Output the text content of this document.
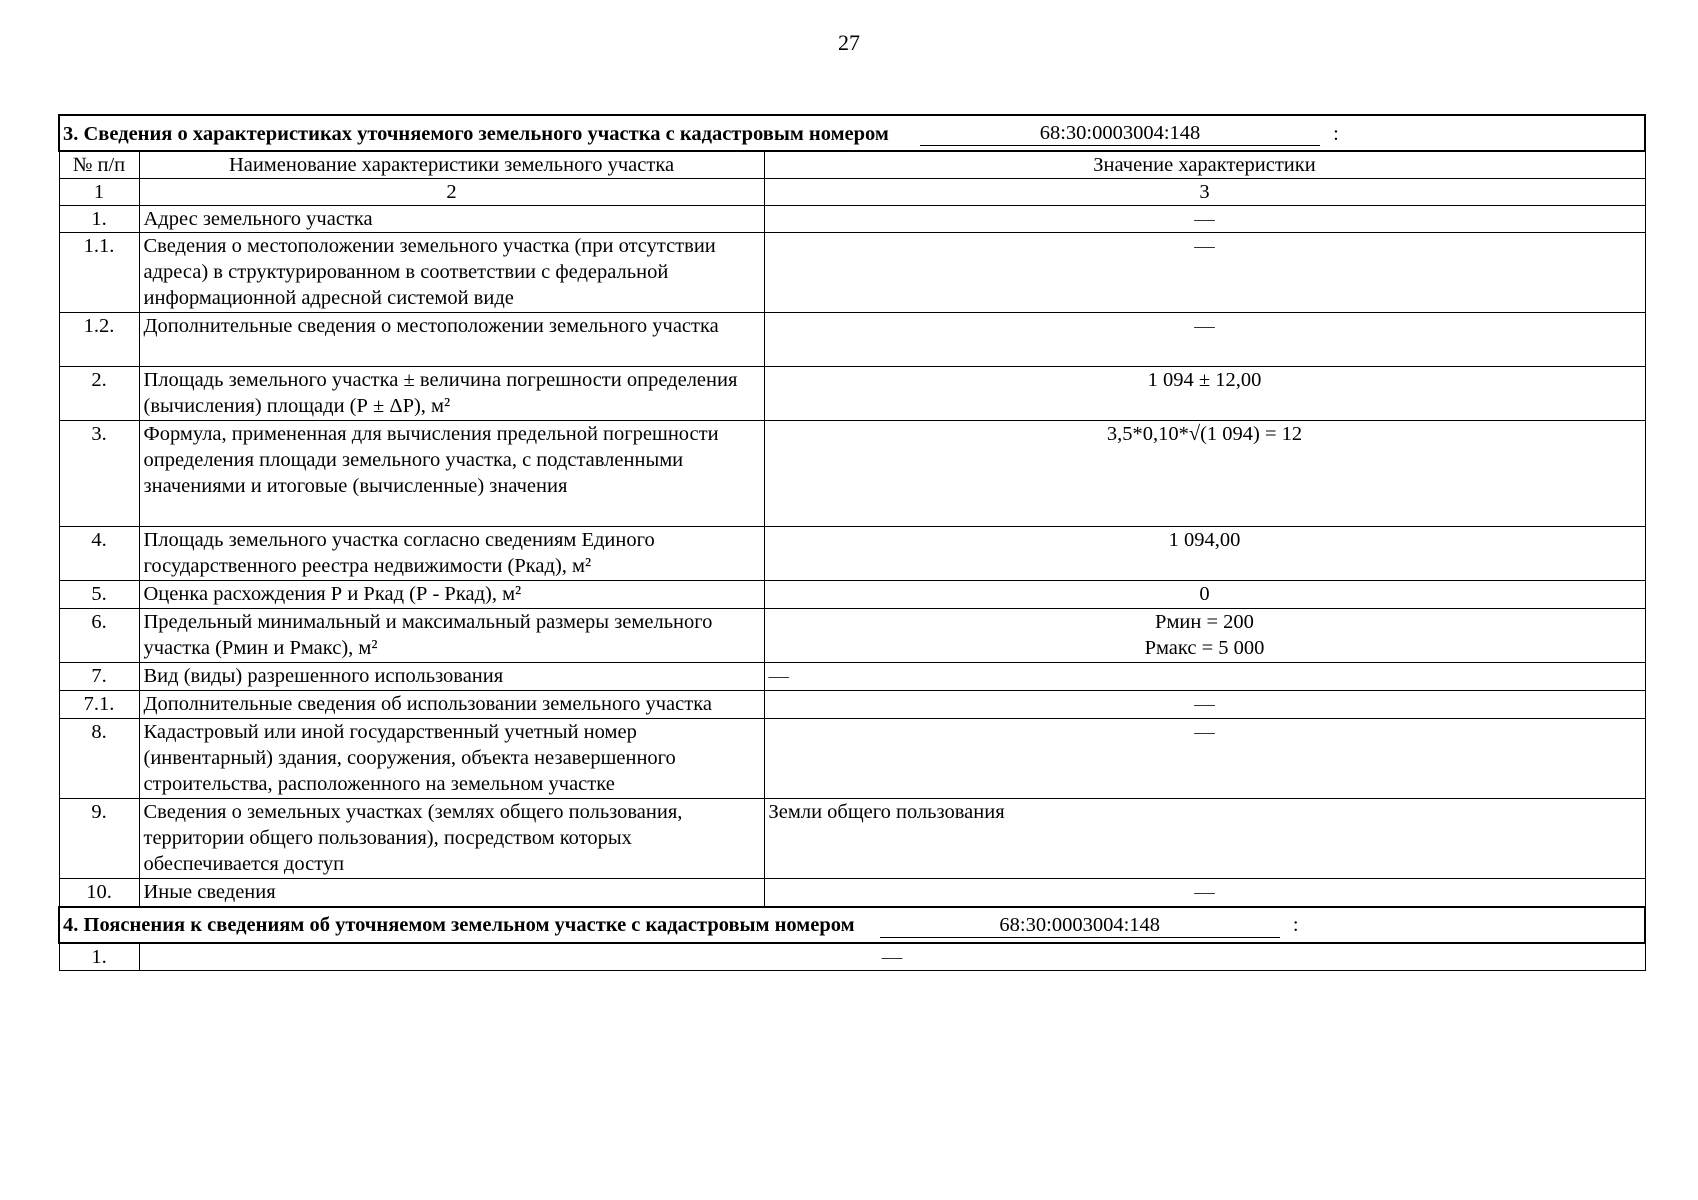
27
3. Сведения о характеристиках уточняемого земельного участка с кадастровым номером 68:30:0003004:148 :		
№ п/п	Наименование характеристики земельного участка	Значение характеристики
1	2	3
1.	Адрес земельного участка	—
1.1.	Сведения о местоположении земельного участка (при отсутствии адреса) в структурированном в соответствии с федеральной информационной адресной системой виде	—
1.2.	Дополнительные сведения о местоположении земельного участка	—
2.	Площадь земельного участка ± величина погрешности определения (вычисления) площади (Р ± ΔР), м²	1 094 ± 12,00
3.	Формула, примененная для вычисления предельной погрешности определения площади земельного участка, с подставленными значениями и итоговые (вычисленные) значения	3,5*0,10*√(1 094) = 12
4.	Площадь земельного участка согласно сведениям Единого государственного реестра недвижимости (Ркад), м²	1 094,00
5.	Оценка расхождения Р и Ркад (Р - Ркад), м²	0
6.	Предельный минимальный и максимальный размеры земельного участка (Рмин и Рмакс), м²	Рмин = 200
Рмакс = 5 000

7.	Вид (виды) разрешенного использования	—
7.1.	Дополнительные сведения об использовании земельного участка	—
8.	Кадастровый или иной государственный учетный номер (инвентарный) здания, сооружения, объекта незавершенного строительства, расположенного на земельном участке	—
9.	Сведения о земельных участках (землях общего пользования, территории общего пользования), посредством которых обеспечивается доступ	Земли общего пользования
10.	Иные сведения	—
4. Пояснения к сведениям об уточняемом земельном участке с кадастровым номером 68:30:0003004:148 :		
1.	—	
